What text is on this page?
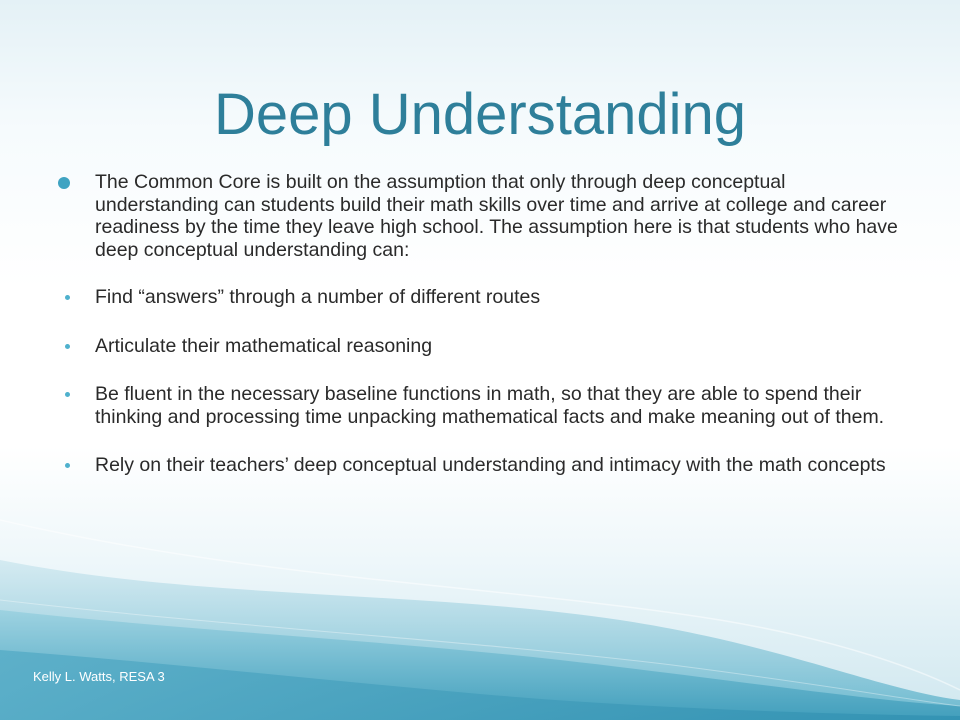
Deep Understanding
The Common Core is built on the assumption that only through deep conceptual understanding can students build their math skills over time and arrive at college and career readiness by the time they leave high school. The assumption here is that students who have deep conceptual understanding can:
Find “answers” through a number of different routes
Articulate their mathematical reasoning
Be fluent in the necessary baseline functions in math, so that they are able to spend their thinking and processing time unpacking mathematical facts and make meaning out of them.
Rely on their teachers’ deep conceptual understanding and intimacy with the math concepts

Kelly L. Watts, RESA 3
